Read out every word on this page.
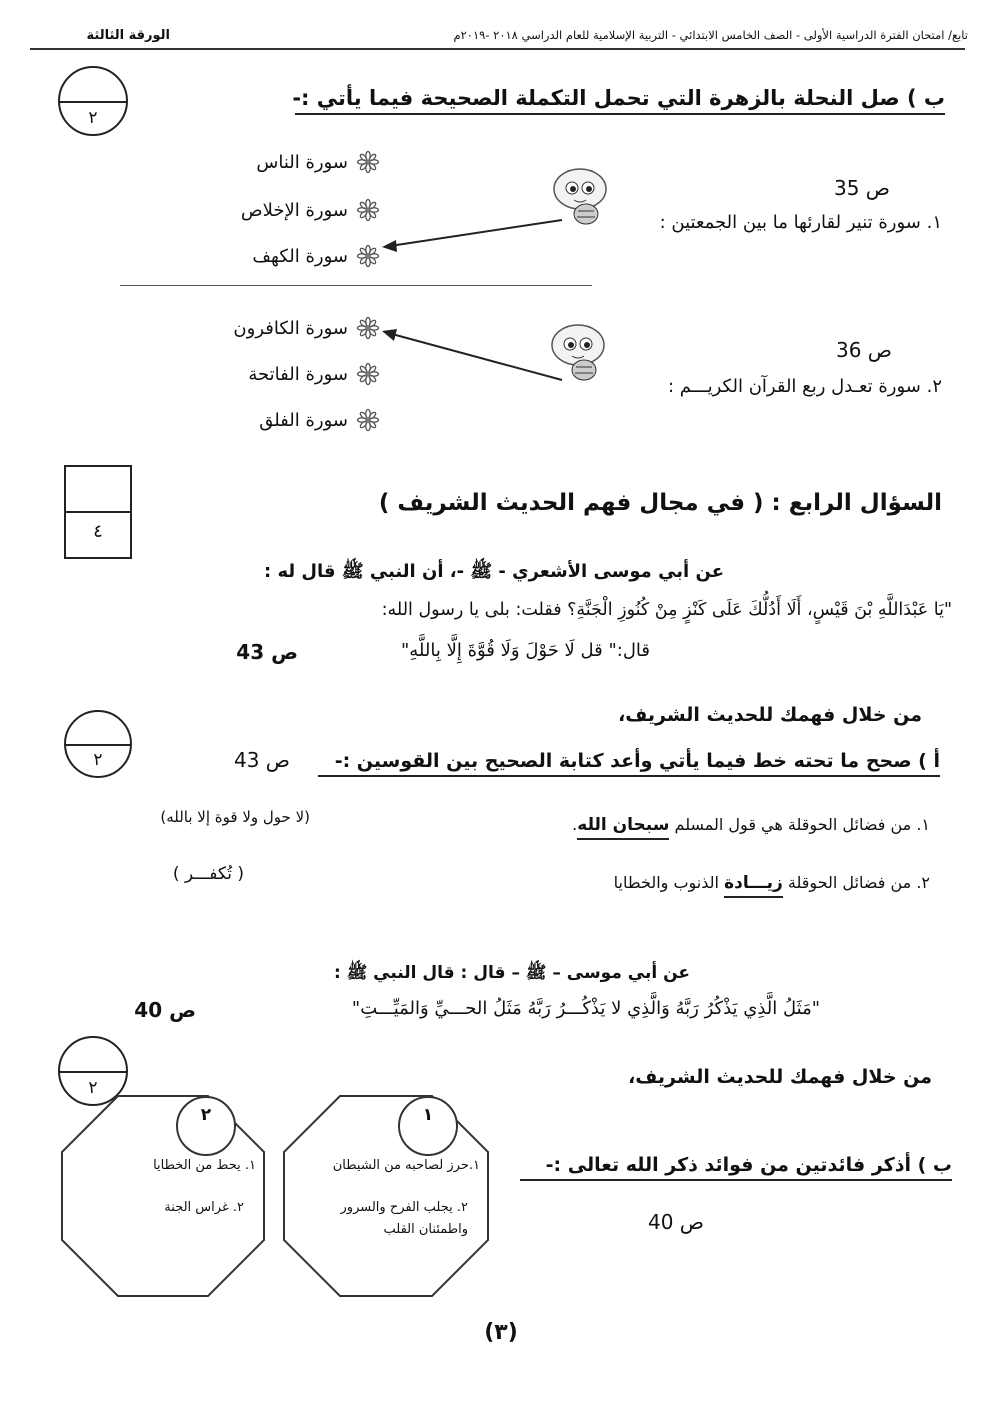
الورقة الثالثة	تابع/ امتحان الفترة الدراسية الأولى - الصف الخامس الابتدائي - التربية الإسلامية للعام الدراسي ٢٠١٨ -٢٠١٩م
٢
ب ) صل النحلة بالزهرة التي تحمل التكملة الصحيحة فيما يأتي :-
سورة الناس
سورة الإخلاص
سورة الكهف
ص 35
١. سورة تنير لقارئها ما بين الجمعتين :
سورة الكافرون
سورة الفاتحة
سورة الفلق
ص 36
٢. سورة تعـدل ربع القرآن الكريـــم :
٤
السؤال الرابع : ( في مجال فهم الحديث الشريف )
عن أبي موسى الأشعري - ﷺ -، أن النبي ﷺ قال له :
"يَا عَبْدَاللَّهِ بْنَ قَيْسٍ، أَلَا أَدُلُّكَ عَلَى كَنْزٍ مِنْ كُنُوزِ الْجَنَّةِ؟ فقلت: بلى يا رسول الله:
قال:" قل لَا حَوْلَ وَلَا قُوَّةَ إِلَّا بِاللَّهِ"
ص 43
٢
من خلال فهمك للحديث الشريف،
أ ) صحح ما تحته خط فيما يأتي وأعد كتابة الصحيح بين القوسين :-
ص 43
١. من فضائل الحوقلة هي قول المسلم سبحان الله.
(لا حول ولا قوة إلا بالله)
٢. من فضائل الحوقلة زيـــادة الذنوب والخطايا
( تُكفـــر )
عن أبي موسى – ﷺ – قال : قال النبي ﷺ :
"مَثَلُ الَّذِي يَذْكُرُ رَبَّهُ وَالَّذِي لا يَذْكُـــرُ رَبَّهُ مَثَلُ الحـــيِّ وَالمَيِّـــتِ"
ص 40
٢	من خلال فهمك للحديث الشريف،
ب ) أذكر فائدتين من فوائد ذكر الله تعالى :-
ص 40
٢	١
١.حرز لصاحبه من الشيطان
٢. يجلب الفرح والسرور
واطمئنان القلب
١. يحط من الخطايا
٢. غراس الجنة
(٣)
